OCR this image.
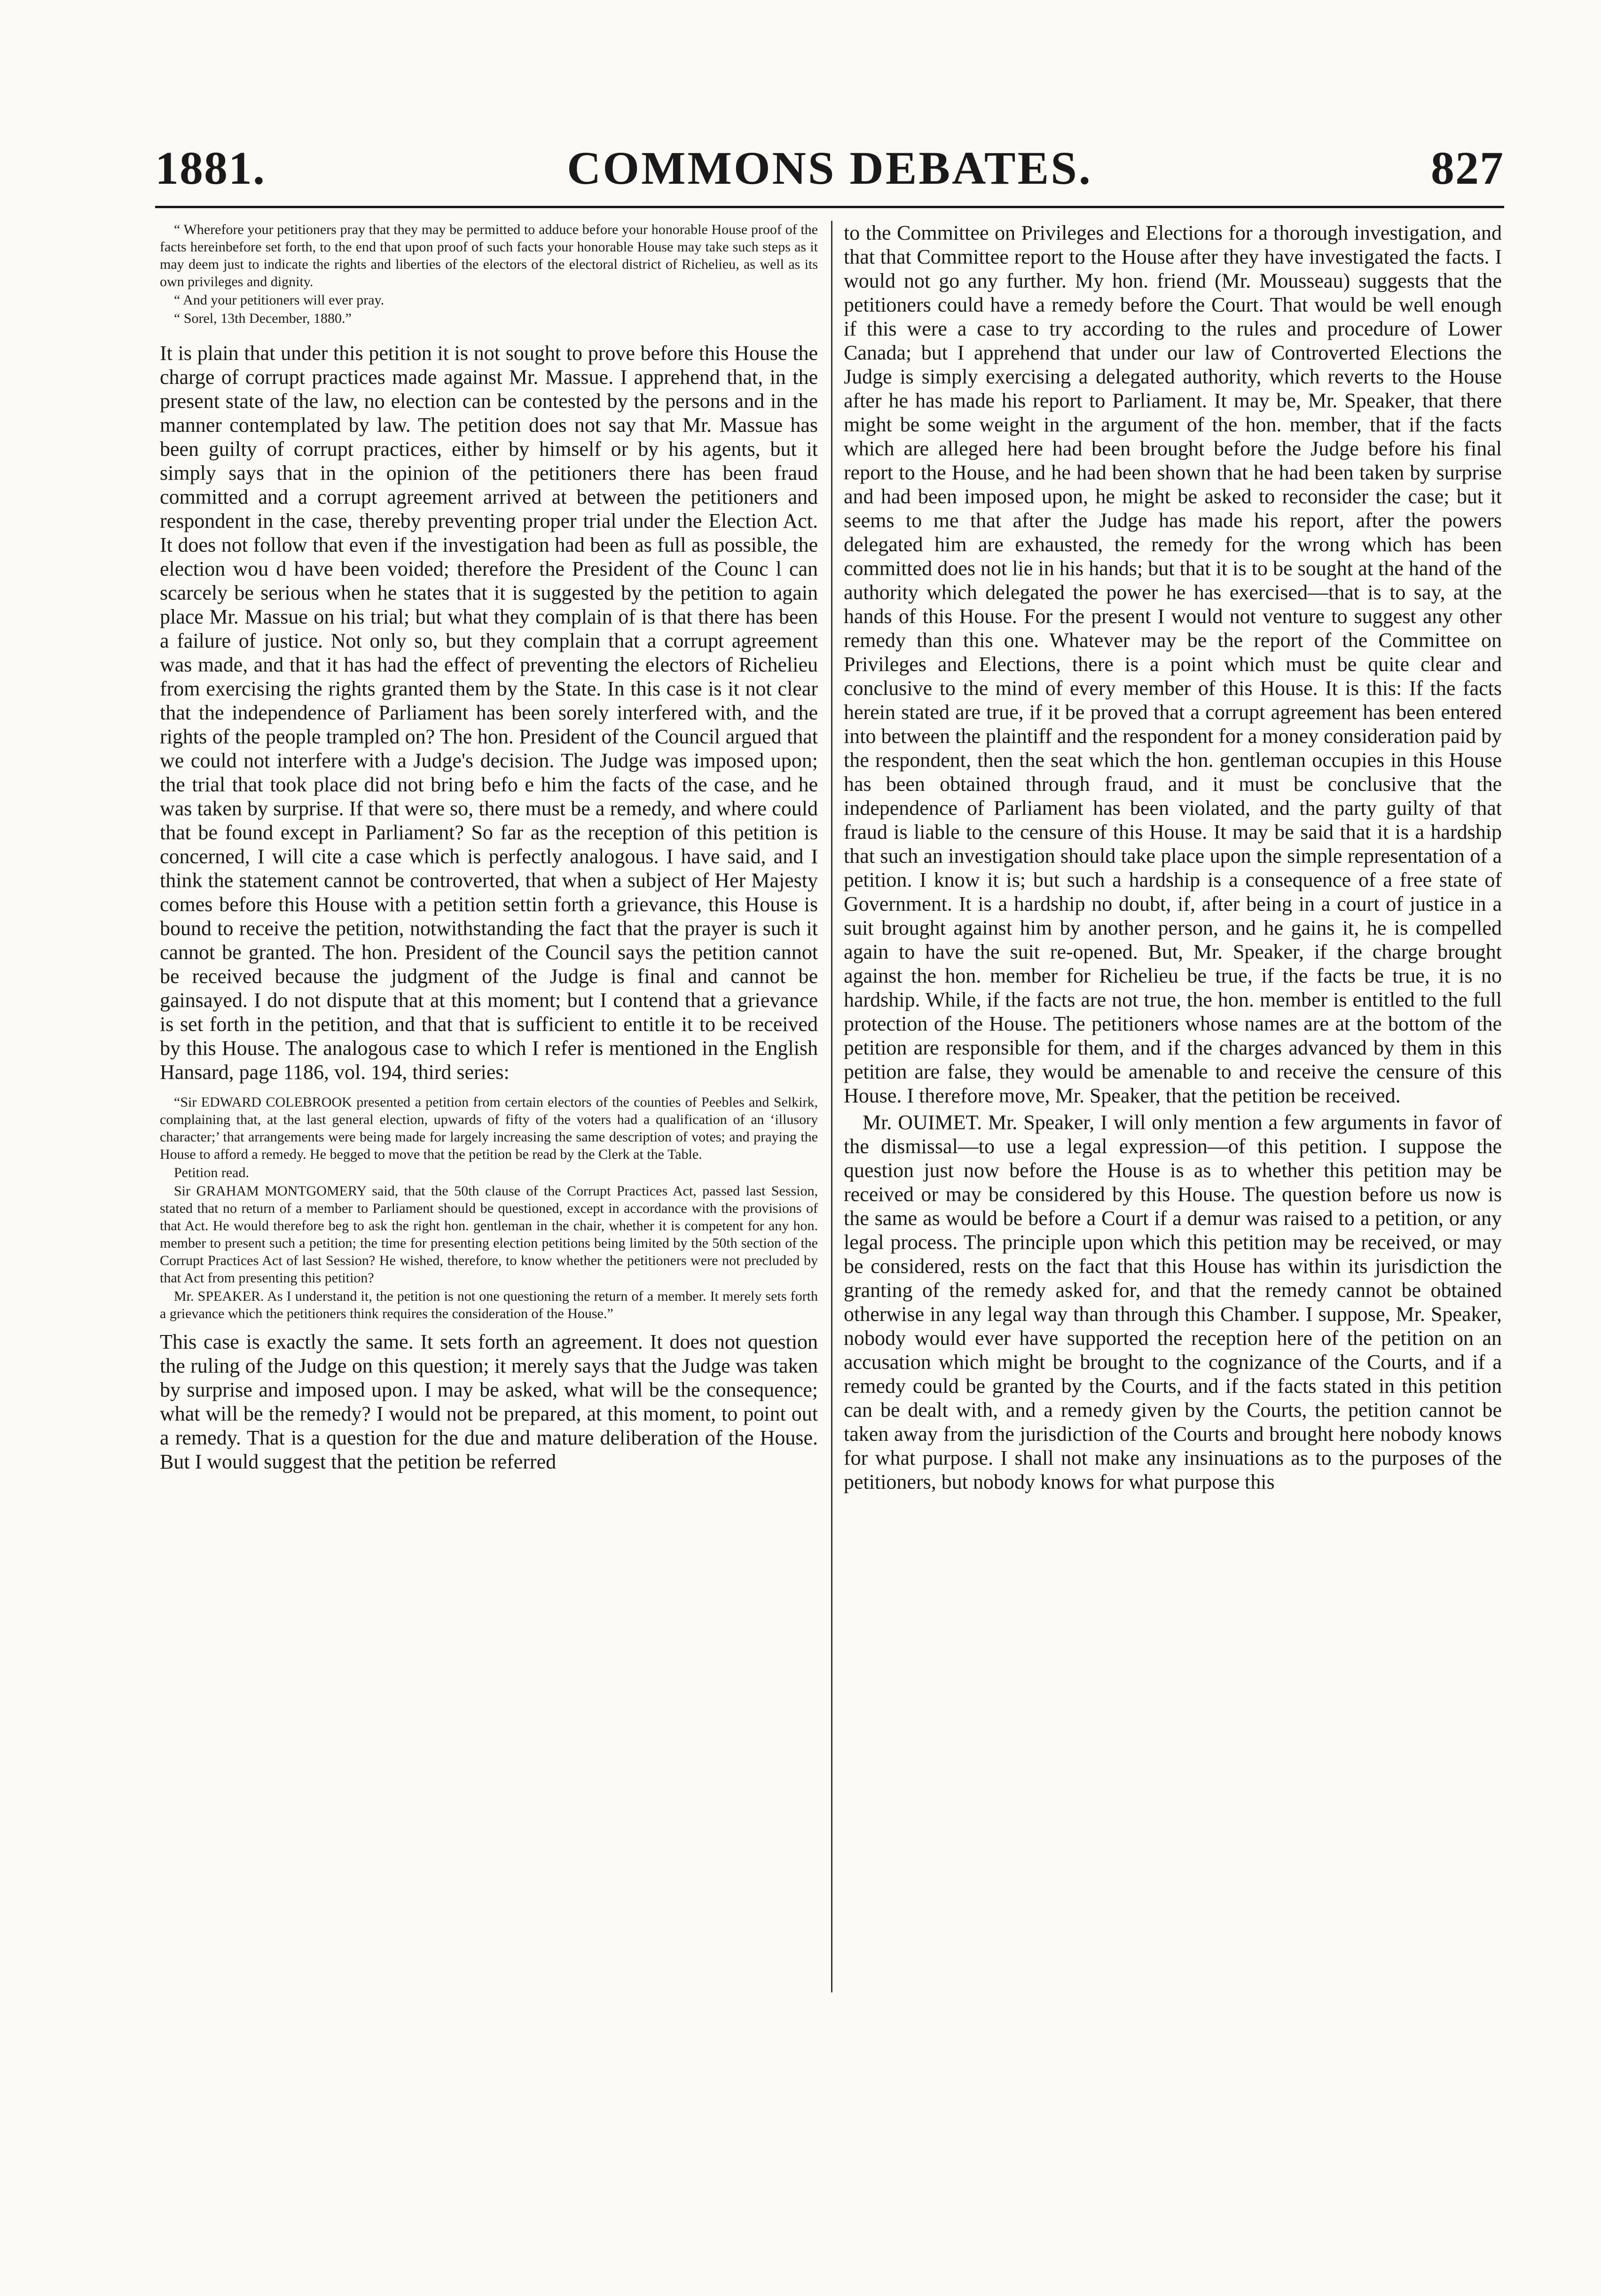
1881.	COMMONS DEBATES.	827

“ Wherefore your petitioners pray that they may be permitted to adduce before your honorable House proof of the facts hereinbefore set forth, to the end that upon proof of such facts your honorable House may take such steps as it may deem just to indicate the rights and liberties of the electors of the electoral district of Richelieu, as well as its own privileges and dignity.

“ And your petitioners will ever pray.

“ Sorel, 13th December, 1880.”

It is plain that under this petition it is not sought to prove before this House the charge of corrupt practices made against Mr. Massue. I apprehend that, in the present state of the law, no election can be contested by the persons and in the manner contemplated by law. The petition does not say that Mr. Massue has been guilty of corrupt practices, either by himself or by his agents, but it simply says that in the opinion of the petitioners there has been fraud committed and a corrupt agreement arrived at between the petitioners and respondent in the case, thereby preventing proper trial under the Election Act. It does not follow that even if the investigation had been as full as possible, the election wou d have been voided; therefore the President of the Counc l can scarcely be serious when he states that it is suggested by the petition to again place Mr. Massue on his trial; but what they complain of is that there has been a failure of justice. Not only so, but they complain that a corrupt agreement was made, and that it has had the effect of preventing the electors of Richelieu from exercising the rights granted them by the State. In this case is it not clear that the independence of Parliament has been sorely interfered with, and the rights of the people trampled on? The hon. President of the Council argued that we could not interfere with a Judge's decision. The Judge was imposed upon; the trial that took place did not bring befo e him the facts of the case, and he was taken by surprise. If that were so, there must be a remedy, and where could that be found except in Parliament? So far as the reception of this petition is concerned, I will cite a case which is perfectly analogous. I have said, and I think the statement cannot be controverted, that when a subject of Her Majesty comes before this House with a petition settin forth a grievance, this House is bound to receive the petition, notwithstanding the fact that the prayer is such it cannot be granted. The hon. President of the Council says the petition cannot be received because the judgment of the Judge is final and cannot be gainsayed. I do not dispute that at this moment; but I contend that a grievance is set forth in the petition, and that that is sufficient to entitle it to be received by this House. The analogous case to which I refer is mentioned in the English Hansard, page 1186, vol. 194, third series:

“Sir EDWARD COLEBROOK presented a petition from certain electors of the counties of Peebles and Selkirk, complaining that, at the last general election, upwards of fifty of the voters had a qualification of an ‘illusory character;’ that arrangements were being made for largely increasing the same description of votes; and praying the House to afford a remedy. He begged to move that the petition be read by the Clerk at the Table.

Petition read.

Sir GRAHAM MONTGOMERY said, that the 50th clause of the Corrupt Practices Act, passed last Session, stated that no return of a member to Parliament should be questioned, except in accordance with the provisions of that Act. He would therefore beg to ask the right hon. gentleman in the chair, whether it is competent for any hon. member to present such a petition; the time for presenting election petitions being limited by the 50th section of the Corrupt Practices Act of last Session? He wished, therefore, to know whether the petitioners were not precluded by that Act from presenting this petition?

Mr. SPEAKER. As I understand it, the petition is not one questioning the return of a member. It merely sets forth a grievance which the petitioners think requires the consideration of the House.”

This case is exactly the same. It sets forth an agreement. It does not question the ruling of the Judge on this question; it merely says that the Judge was taken by surprise and imposed upon. I may be asked, what will be the consequence; what will be the remedy? I would not be prepared, at this moment, to point out a remedy. That is a question for the due and mature deliberation of the House. But I would suggest that the petition be referred

to the Committee on Privileges and Elections for a thorough investigation, and that that Committee report to the House after they have investigated the facts. I would not go any further. My hon. friend (Mr. Mousseau) suggests that the petitioners could have a remedy before the Court. That would be well enough if this were a case to try according to the rules and procedure of Lower Canada; but I apprehend that under our law of Controverted Elections the Judge is simply exercising a delegated authority, which reverts to the House after he has made his report to Parliament. It may be, Mr. Speaker, that there might be some weight in the argument of the hon. member, that if the facts which are alleged here had been brought before the Judge before his final report to the House, and he had been shown that he had been taken by surprise and had been imposed upon, he might be asked to reconsider the case; but it seems to me that after the Judge has made his report, after the powers delegated him are exhausted, the remedy for the wrong which has been committed does not lie in his hands; but that it is to be sought at the hand of the authority which delegated the power he has exercised—that is to say, at the hands of this House. For the present I would not venture to suggest any other remedy than this one. Whatever may be the report of the Committee on Privileges and Elections, there is a point which must be quite clear and conclusive to the mind of every member of this House. It is this: If the facts herein stated are true, if it be proved that a corrupt agreement has been entered into between the plaintiff and the respondent for a money consideration paid by the respondent, then the seat which the hon. gentleman occupies in this House has been obtained through fraud, and it must be conclusive that the independence of Parliament has been violated, and the party guilty of that fraud is liable to the censure of this House. It may be said that it is a hardship that such an investigation should take place upon the simple representation of a petition. I know it is; but such a hardship is a consequence of a free state of Government. It is a hardship no doubt, if, after being in a court of justice in a suit brought against him by another person, and he gains it, he is compelled again to have the suit re-opened. But, Mr. Speaker, if the charge brought against the hon. member for Richelieu be true, if the facts be true, it is no hardship. While, if the facts are not true, the hon. member is entitled to the full protection of the House. The petitioners whose names are at the bottom of the petition are responsible for them, and if the charges advanced by them in this petition are false, they would be amenable to and receive the censure of this House. I therefore move, Mr. Speaker, that the petition be received.

Mr. OUIMET. Mr. Speaker, I will only mention a few arguments in favor of the dismissal—to use a legal expression—of this petition. I suppose the question just now before the House is as to whether this petition may be received or may be considered by this House. The question before us now is the same as would be before a Court if a demur was raised to a petition, or any legal process. The principle upon which this petition may be received, or may be considered, rests on the fact that this House has within its jurisdiction the granting of the remedy asked for, and that the remedy cannot be obtained otherwise in any legal way than through this Chamber. I suppose, Mr. Speaker, nobody would ever have supported the reception here of the petition on an accusation which might be brought to the cognizance of the Courts, and if a remedy could be granted by the Courts, and if the facts stated in this petition can be dealt with, and a remedy given by the Courts, the petition cannot be taken away from the jurisdiction of the Courts and brought here nobody knows for what purpose. I shall not make any insinuations as to the purposes of the petitioners, but nobody knows for what purpose this
